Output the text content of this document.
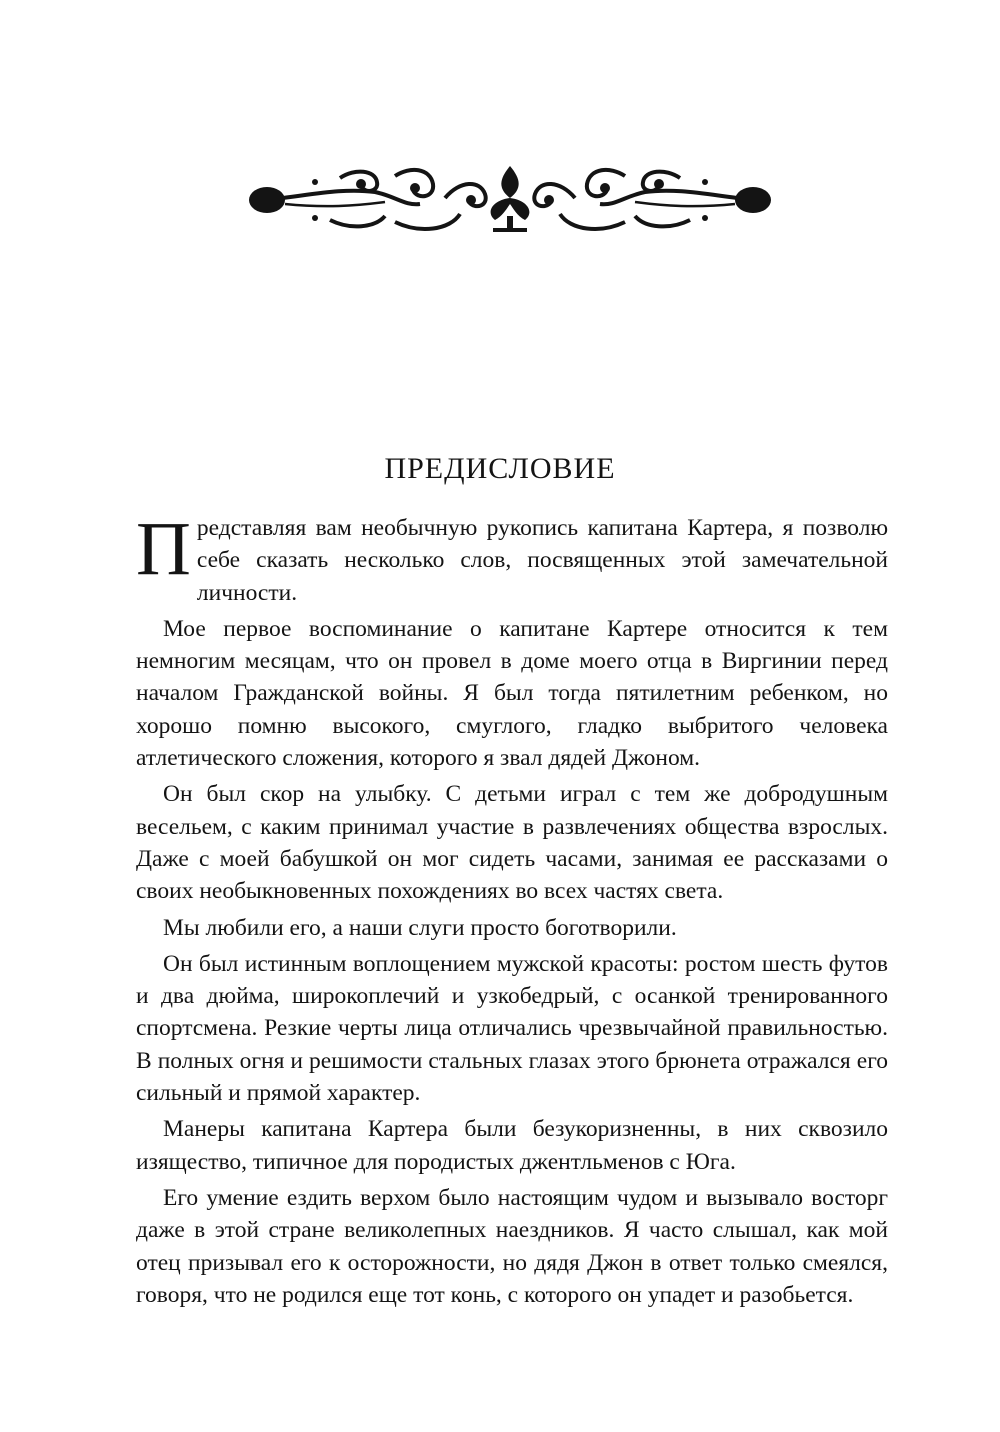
ПРЕДИСЛОВИЕ

Представляя вам необычную рукопись капитана Картера, я позволю себе сказать несколько слов, посвященных этой замечательной личности.

Мое первое воспоминание о капитане Картере относится к тем немногим месяцам, что он провел в доме моего отца в Виргинии перед началом Гражданской войны. Я был тогда пятилетним ребенком, но хорошо помню высокого, смуглого, гладко выбритого человека атлетического сложения, которого я звал дядей Джоном.

Он был скор на улыбку. С детьми играл с тем же добродушным весельем, с каким принимал участие в развлечениях общества взрослых. Даже с моей бабушкой он мог сидеть часами, занимая ее рассказами о своих необыкновенных похождениях во всех частях света.

Мы любили его, а наши слуги просто боготворили.

Он был истинным воплощением мужской красоты: ростом шесть футов и два дюйма, широкоплечий и узкобедрый, с осанкой тренированного спортсмена. Резкие черты лица отличались чрезвычайной правильностью. В полных огня и решимости стальных глазах этого брюнета отражался его сильный и прямой характер.

Манеры капитана Картера были безукоризненны, в них сквозило изящество, типичное для породистых джентльменов с Юга.

Его умение ездить верхом было настоящим чудом и вызывало восторг даже в этой стране великолепных наездников. Я часто слышал, как мой отец призывал его к осторожности, но дядя Джон в ответ только смеялся, говоря, что не родился еще тот конь, с которого он упадет и разобьется.
